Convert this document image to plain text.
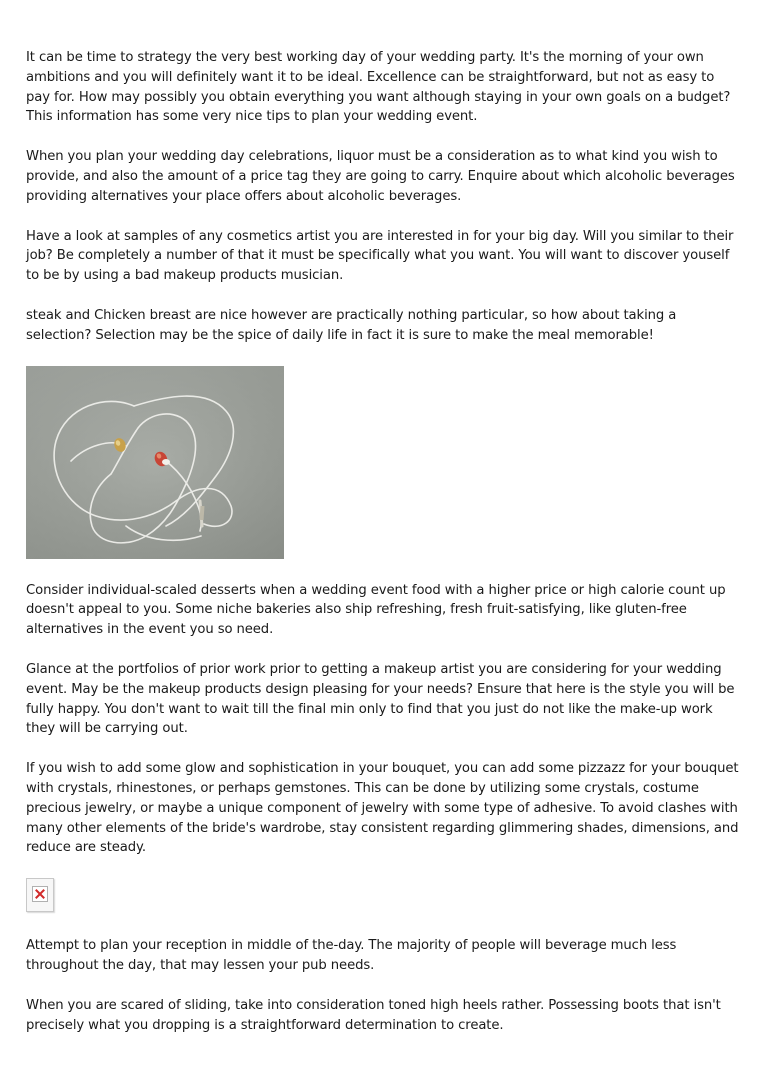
It can be time to strategy the very best working day of your wedding party. It's the morning of your own ambitions and you will definitely want it to be ideal. Excellence can be straightforward, but not as easy to pay for. How may possibly you obtain everything you want although staying in your own goals on a budget? This information has some very nice tips to plan your wedding event.

When you plan your wedding day celebrations, liquor must be a consideration as to what kind you wish to provide, and also the amount of a price tag they are going to carry. Enquire about which alcoholic beverages providing alternatives your place offers about alcoholic beverages.

Have a look at samples of any cosmetics artist you are interested in for your big day. Will you similar to their job? Be completely a number of that it must be specifically what you want. You will want to discover youself to be by using a bad makeup products musician.

steak and Chicken breast are nice however are practically nothing particular, so how about taking a selection? Selection may be the spice of daily life in fact it is sure to make the meal memorable!

Consider individual-scaled desserts when a wedding event food with a higher price or high calorie count up doesn't appeal to you. Some niche bakeries also ship refreshing, fresh fruit-satisfying, like gluten-free alternatives in the event you so need.

Glance at the portfolios of prior work prior to getting a makeup artist you are considering for your wedding event. May be the makeup products design pleasing for your needs? Ensure that here is the style you will be fully happy. You don't want to wait till the final min only to find that you just do not like the make-up work they will be carrying out.

If you wish to add some glow and sophistication in your bouquet, you can add some pizzazz for your bouquet with crystals, rhinestones, or perhaps gemstones. This can be done by utilizing some crystals, costume precious jewelry, or maybe a unique component of jewelry with some type of adhesive. To avoid clashes with many other elements of the bride's wardrobe, stay consistent regarding glimmering shades, dimensions, and reduce are steady.

Attempt to plan your reception in middle of the-day. The majority of people will beverage much less throughout the day, that may lessen your pub needs.

When you are scared of sliding, take into consideration toned high heels rather. Possessing boots that isn't precisely what you dropping is a straightforward determination to create.
